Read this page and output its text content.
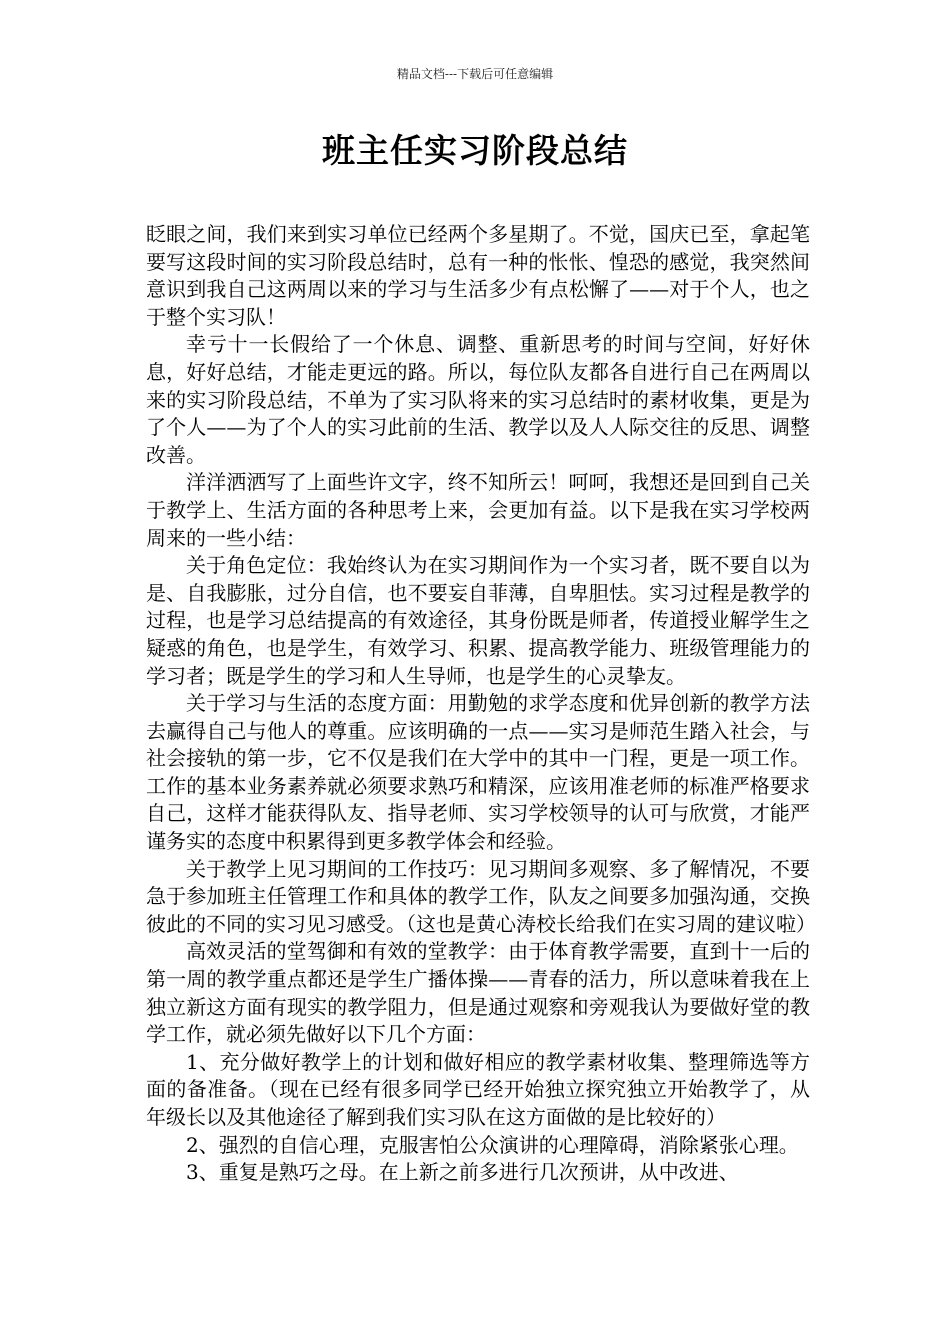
精品文档---下载后可任意编辑
班主任实习阶段总结

眨眼之间，我们来到实习单位已经两个多星期了。不觉，国庆已至，拿起笔要写这段时间的实习阶段总结时，总有一种的怅怅、惶恐的感觉，我突然间意识到我自己这两周以来的学习与生活多少有点松懈了——对于个人，也之于整个实习队！

幸亏十一长假给了一个休息、调整、重新思考的时间与空间，好好休息，好好总结，才能走更远的路。所以，每位队友都各自进行自己在两周以来的实习阶段总结，不单为了实习队将来的实习总结时的素材收集，更是为了个人——为了个人的实习此前的生活、教学以及人人际交往的反思、调整改善。

洋洋洒洒写了上面些许文字，终不知所云！呵呵，我想还是回到自己关于教学上、生活方面的各种思考上来，会更加有益。以下是我在实习学校两周来的一些小结：

关于角色定位：我始终认为在实习期间作为一个实习者，既不要自以为是、自我膨胀，过分自信，也不要妄自菲薄，自卑胆怯。实习过程是教学的过程，也是学习总结提高的有效途径，其身份既是师者，传道授业解学生之疑惑的角色，也是学生，有效学习、积累、提高教学能力、班级管理能力的学习者；既是学生的学习和人生导师，也是学生的心灵挚友。

关于学习与生活的态度方面：用勤勉的求学态度和优异创新的教学方法去赢得自己与他人的尊重。应该明确的一点——实习是师范生踏入社会，与社会接轨的第一步，它不仅是我们在大学中的其中一门程，更是一项工作。工作的基本业务素养就必须要求熟巧和精深，应该用准老师的标准严格要求自己，这样才能获得队友、指导老师、实习学校领导的认可与欣赏，才能严谨务实的态度中积累得到更多教学体会和经验。

关于教学上见习期间的工作技巧：见习期间多观察、多了解情况，不要急于参加班主任管理工作和具体的教学工作，队友之间要多加强沟通，交换彼此的不同的实习见习感受。（这也是黄心涛校长给我们在实习周的建议啦）

高效灵活的堂驾御和有效的堂教学：由于体育教学需要，直到十一后的第一周的教学重点都还是学生广播体操——青春的活力，所以意味着我在上独立新这方面有现实的教学阻力，但是通过观察和旁观我认为要做好堂的教学工作，就必须先做好以下几个方面：

1、充分做好教学上的计划和做好相应的教学素材收集、整理筛选等方面的备准备。（现在已经有很多同学已经开始独立探究独立开始教学了，从年级长以及其他途径了解到我们实习队在这方面做的是比较好的）

2、强烈的自信心理，克服害怕公众演讲的心理障碍，消除紧张心理。

3、重复是熟巧之母。在上新之前多进行几次预讲，从中改进、
